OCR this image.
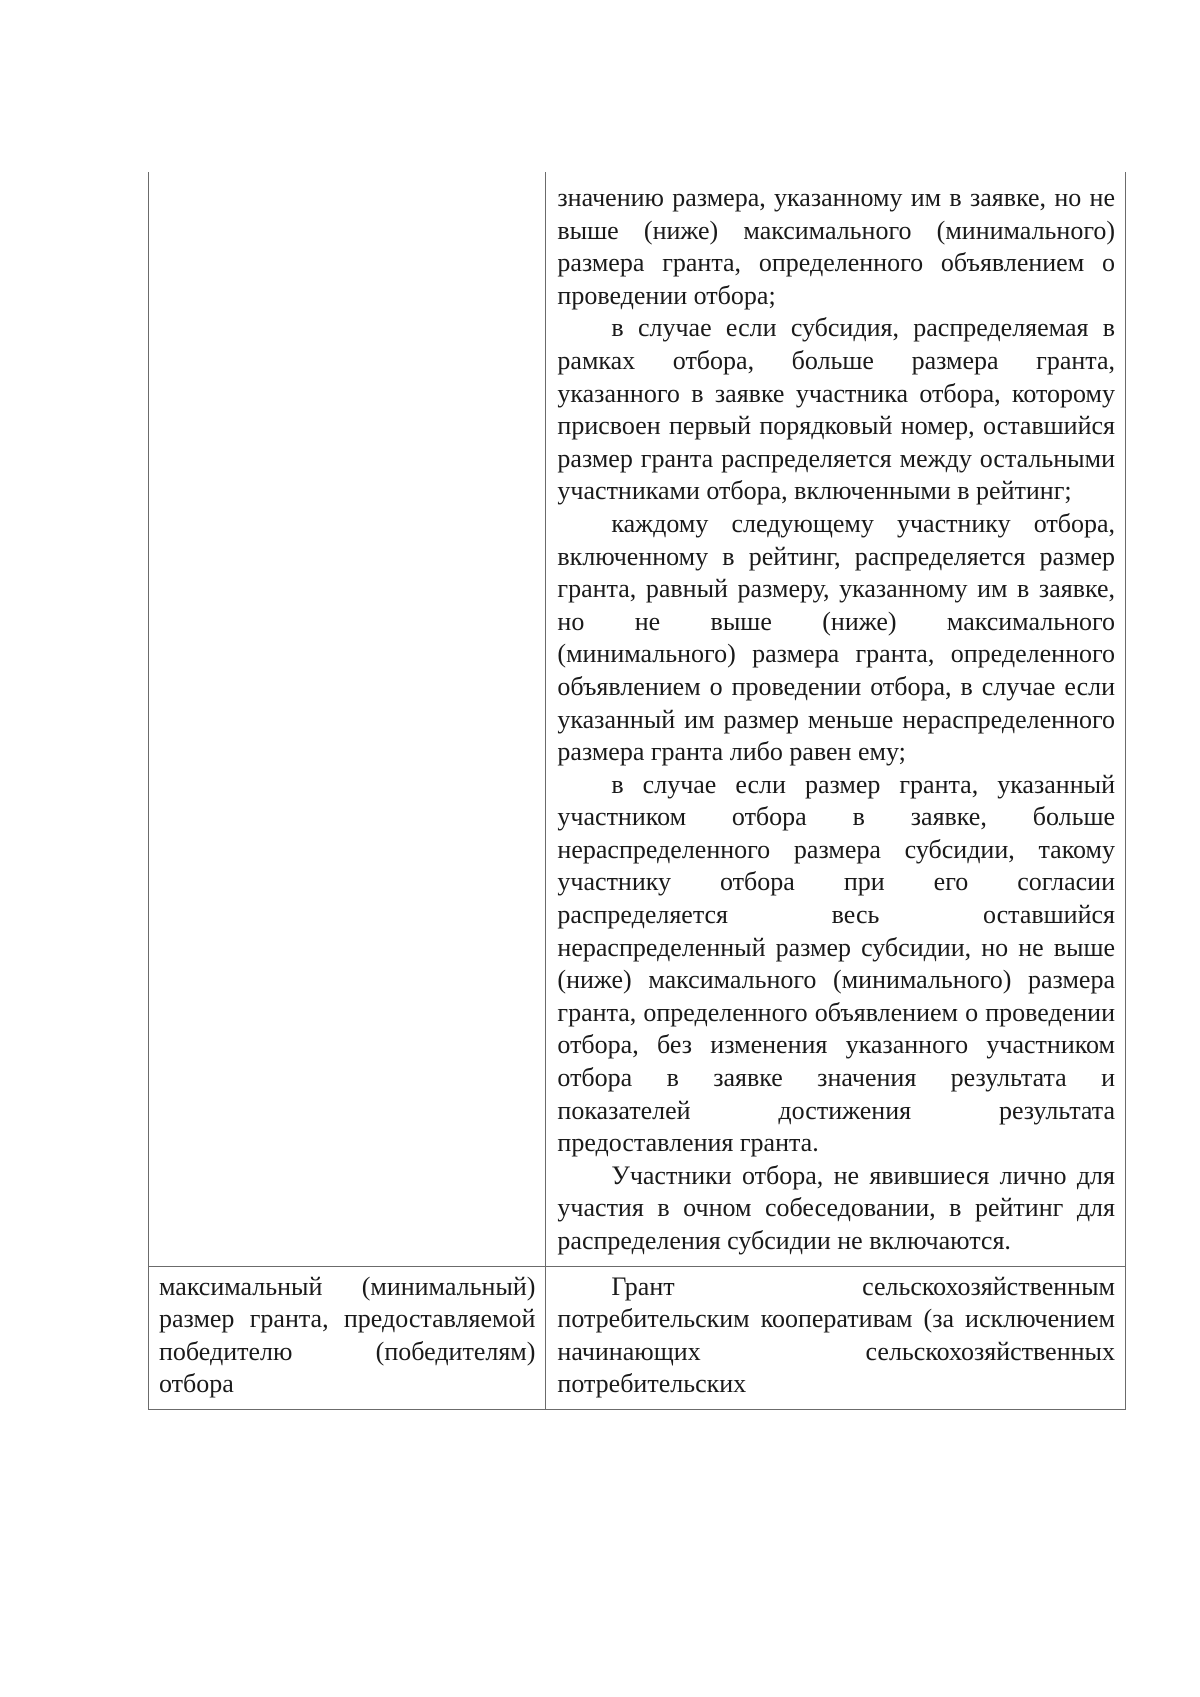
	значению размера, указанному им в заявке, но не выше (ниже) максимального (минимального) размера гранта, определенного объявлением о проведении отбора;

в случае если субсидия, распределяемая в рамках отбора, больше размера гранта, указанного в заявке участника отбора, которому присвоен первый порядковый номер, оставшийся размер гранта распределяется между остальными участниками отбора, включенными в рейтинг;

каждому следующему участнику отбора, включенному в рейтинг, распределяется размер гранта, равный размеру, указанному им в заявке, но не выше (ниже) максимального (минимального) размера гранта, определенного объявлением о проведении отбора, в случае если указанный им размер меньше нераспределенного размера гранта либо равен ему;

в случае если размер гранта, указанный участником отбора в заявке, больше нераспределенного размера субсидии, такому участнику отбора при его согласии распределяется весь оставшийся нераспределенный размер субсидии, но не выше (ниже) максимального (минимального) размера гранта, определенного объявлением о проведении отбора, без изменения указанного участником отбора в заявке значения результата и показателей достижения результата предоставления гранта.

Участники отбора, не явившиеся лично для участия в очном собеседовании, в рейтинг для распределения субсидии не включаются.

максимальный (минимальный) размер гранта, предоставляемой победителю (победителям) отбора	Грант сельскохозяйственным потребительским кооперативам (за исключением начинающих сельскохозяйственных потребительских
